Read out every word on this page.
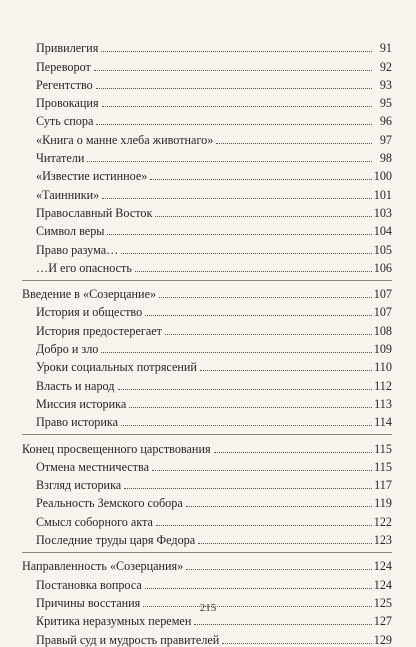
Привилегия	91
Переворот	92
Регентство	93
Провокация	95
Суть спора	96
«Книга о манне хлеба животнаго»	97
Читатели	98
«Известие истинное»	100
«Таинники»	101
Православный Восток	103
Символ веры	104
Право разума…	105
…И его опасность	106
Введение в «Созерцание»	107
История и общество	107
История предостерегает	108
Добро и зло	109
Уроки социальных потрясений	110
Власть и народ	112
Миссия историка	113
Право историка	114
Конец просвещенного царствования	115
Отмена местничества	115
Взгляд историка	117
Реальность Земского собора	119
Смысл соборного акта	122
Последние труды царя Федора	123
Направленность «Созерцания»	124
Постановка вопроса	124
Причины восстания	125
Критика неразумных перемен	127
Правый суд и мудрость правителей	129
215
